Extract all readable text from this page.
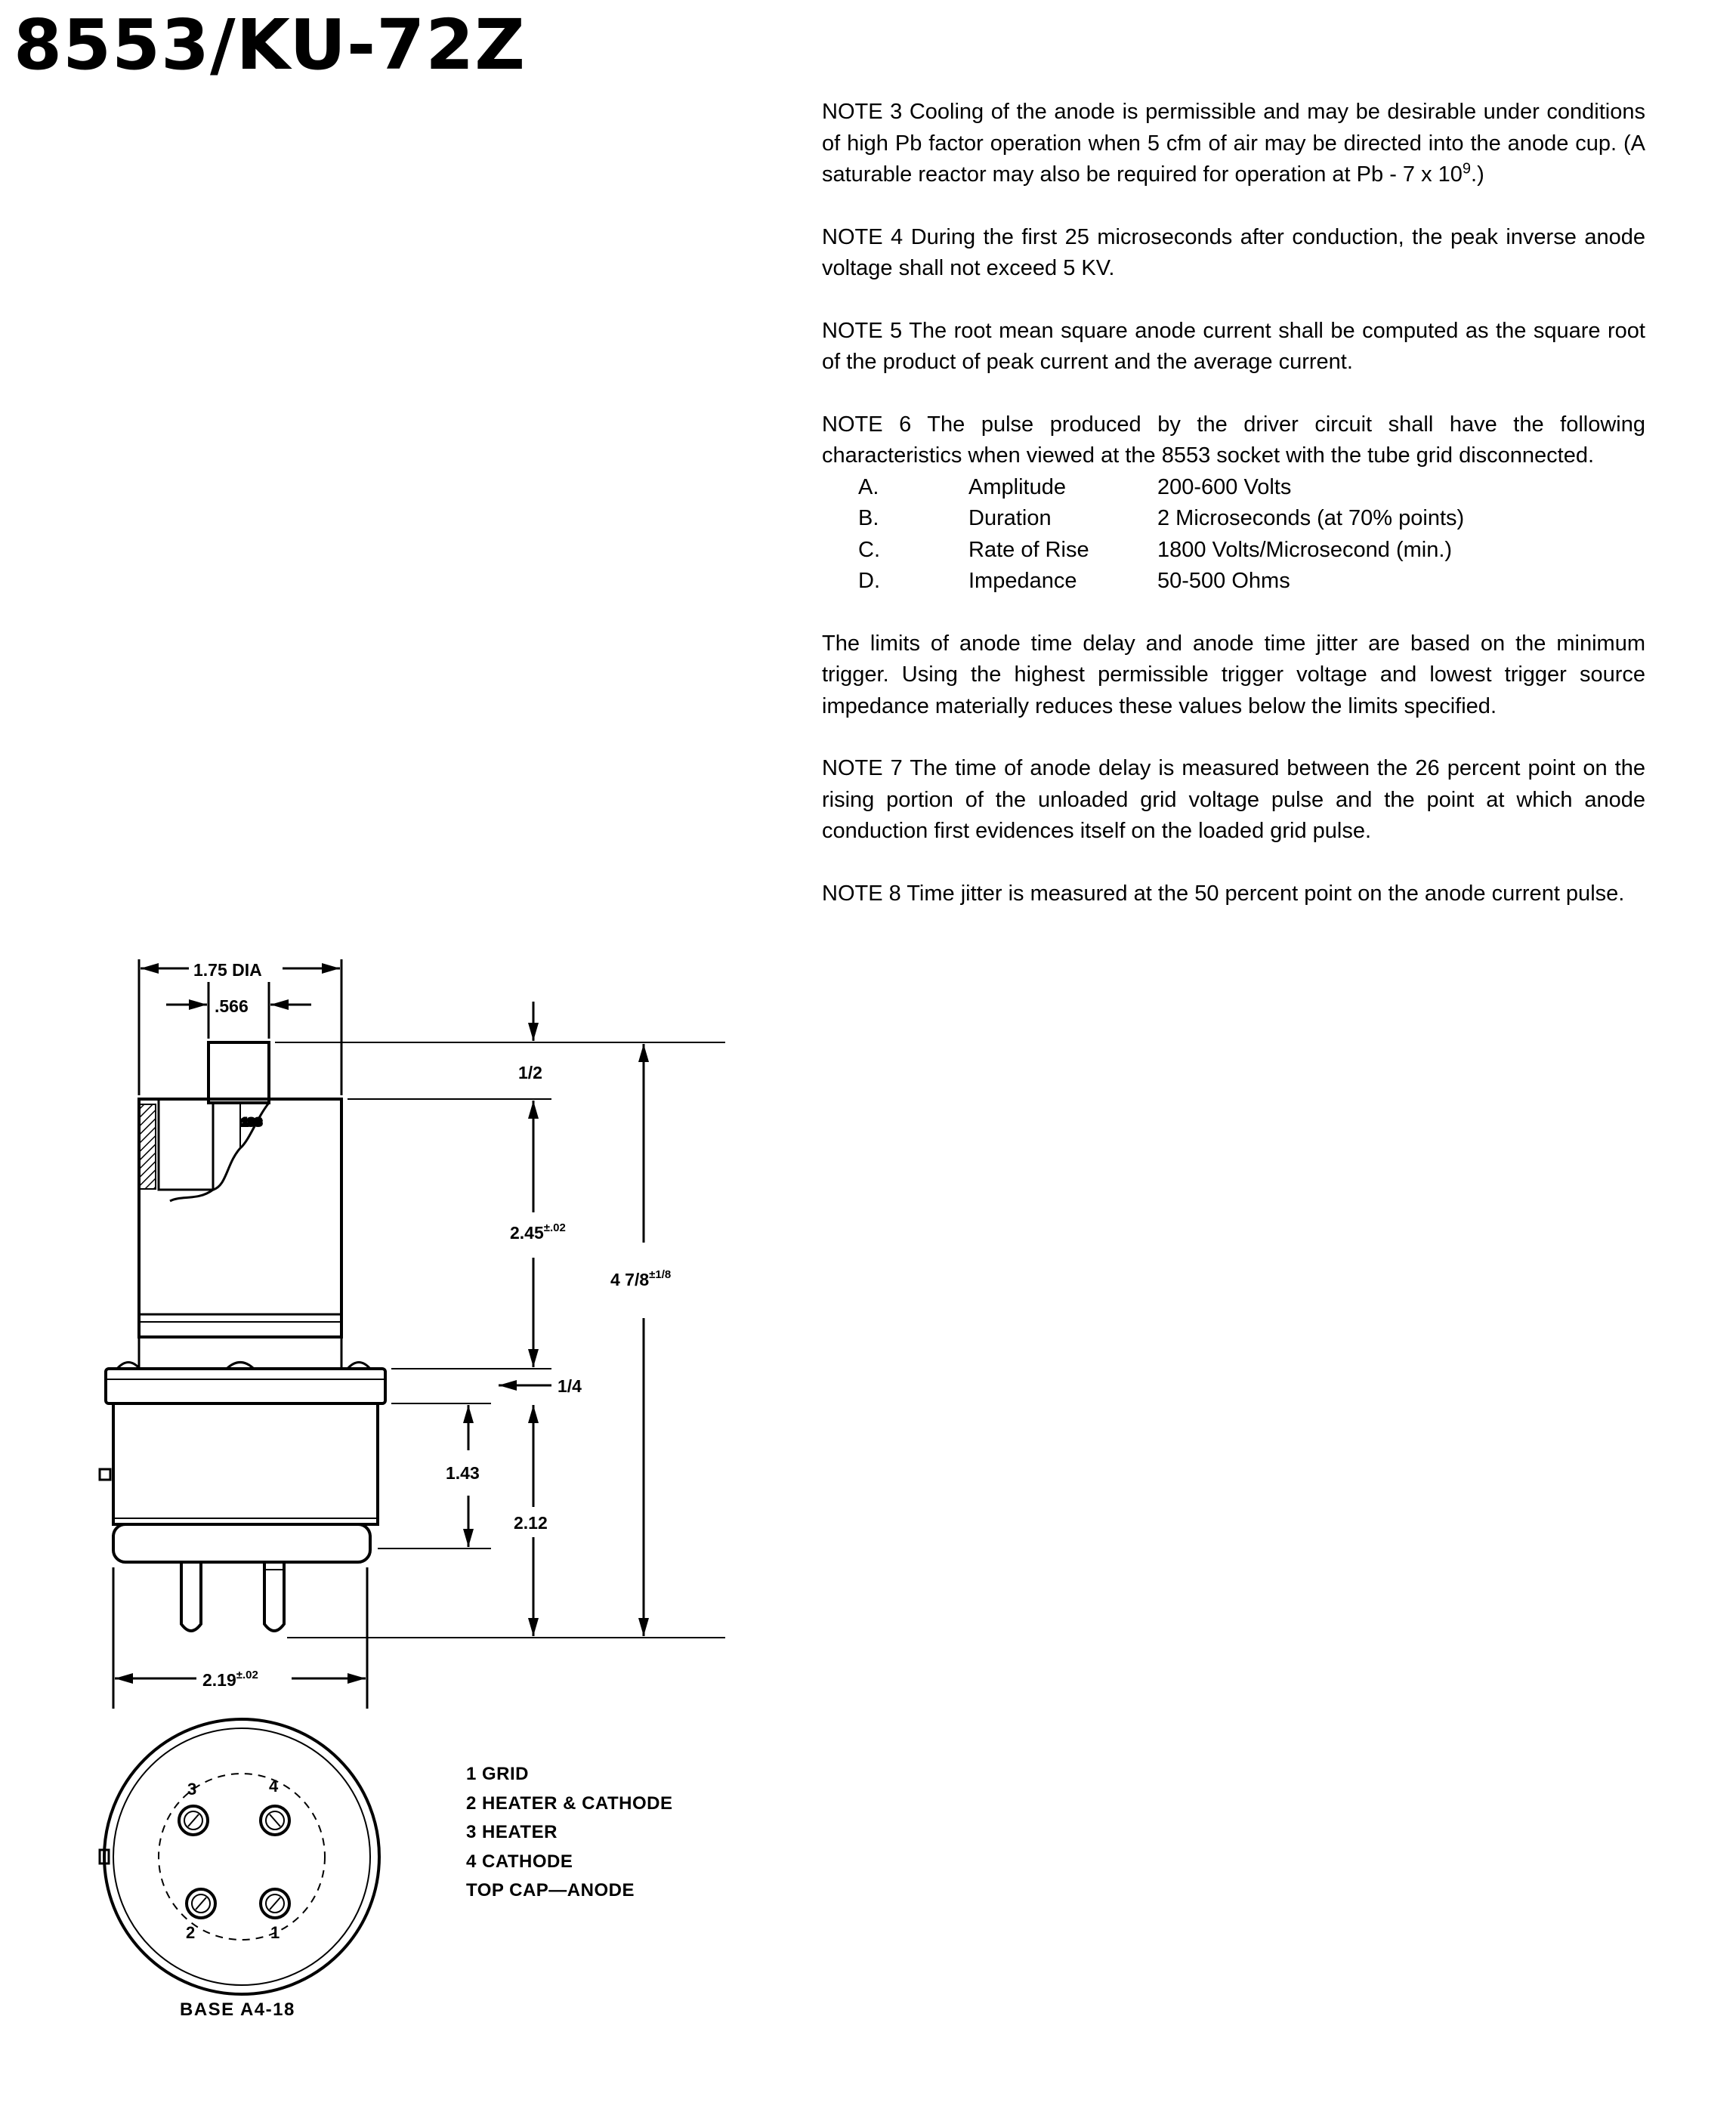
8553/KU-72Z

NOTE 3 Cooling of the anode is permissible and may be desirable under conditions of high Pb factor operation when 5 cfm of air may be directed into the anode cup. (A saturable reactor may also be required for operation at Pb - 7 x $10^9$.)

NOTE 4 During the first 25 microseconds after conduction, the peak inverse anode voltage shall not exceed 5 KV.

NOTE 5 The root mean square anode current shall be computed as the square root of the product of peak current and the average current.

NOTE 6 The pulse produced by the driver circuit shall have the following characteristics when viewed at the 8553 socket with the tube grid disconnected.

A.	Amplitude	200-600 Volts
B.	Duration	2 Microseconds (at 70% points)
C.	Rate of Rise	1800 Volts/Microsecond (min.)
D.	Impedance	50-500 Ohms

The limits of anode time delay and anode time jitter are based on the minimum trigger. Using the highest permissible trigger voltage and lowest trigger source impedance materially reduces these values below the limits specified.

NOTE 7 The time of anode delay is measured between the 26 percent point on the rising portion of the unloaded grid voltage pulse and the point at which anode conduction first evidences itself on the loaded grid pulse.

NOTE 8 Time jitter is measured at the 50 percent point on the anode current pulse.

1SS
1.75 DIA
.566
1/2
$2.45^{\pm.02}$
4 $7/8^{\pm 1/8}$
1/4
1.43
2.12
$2.19^{\pm.02}$
3	4
2	1
1 GRID
2 HEATER & CATHODE
3 HEATER
4 CATHODE
TOP CAP—ANODE
BASE A4-18
